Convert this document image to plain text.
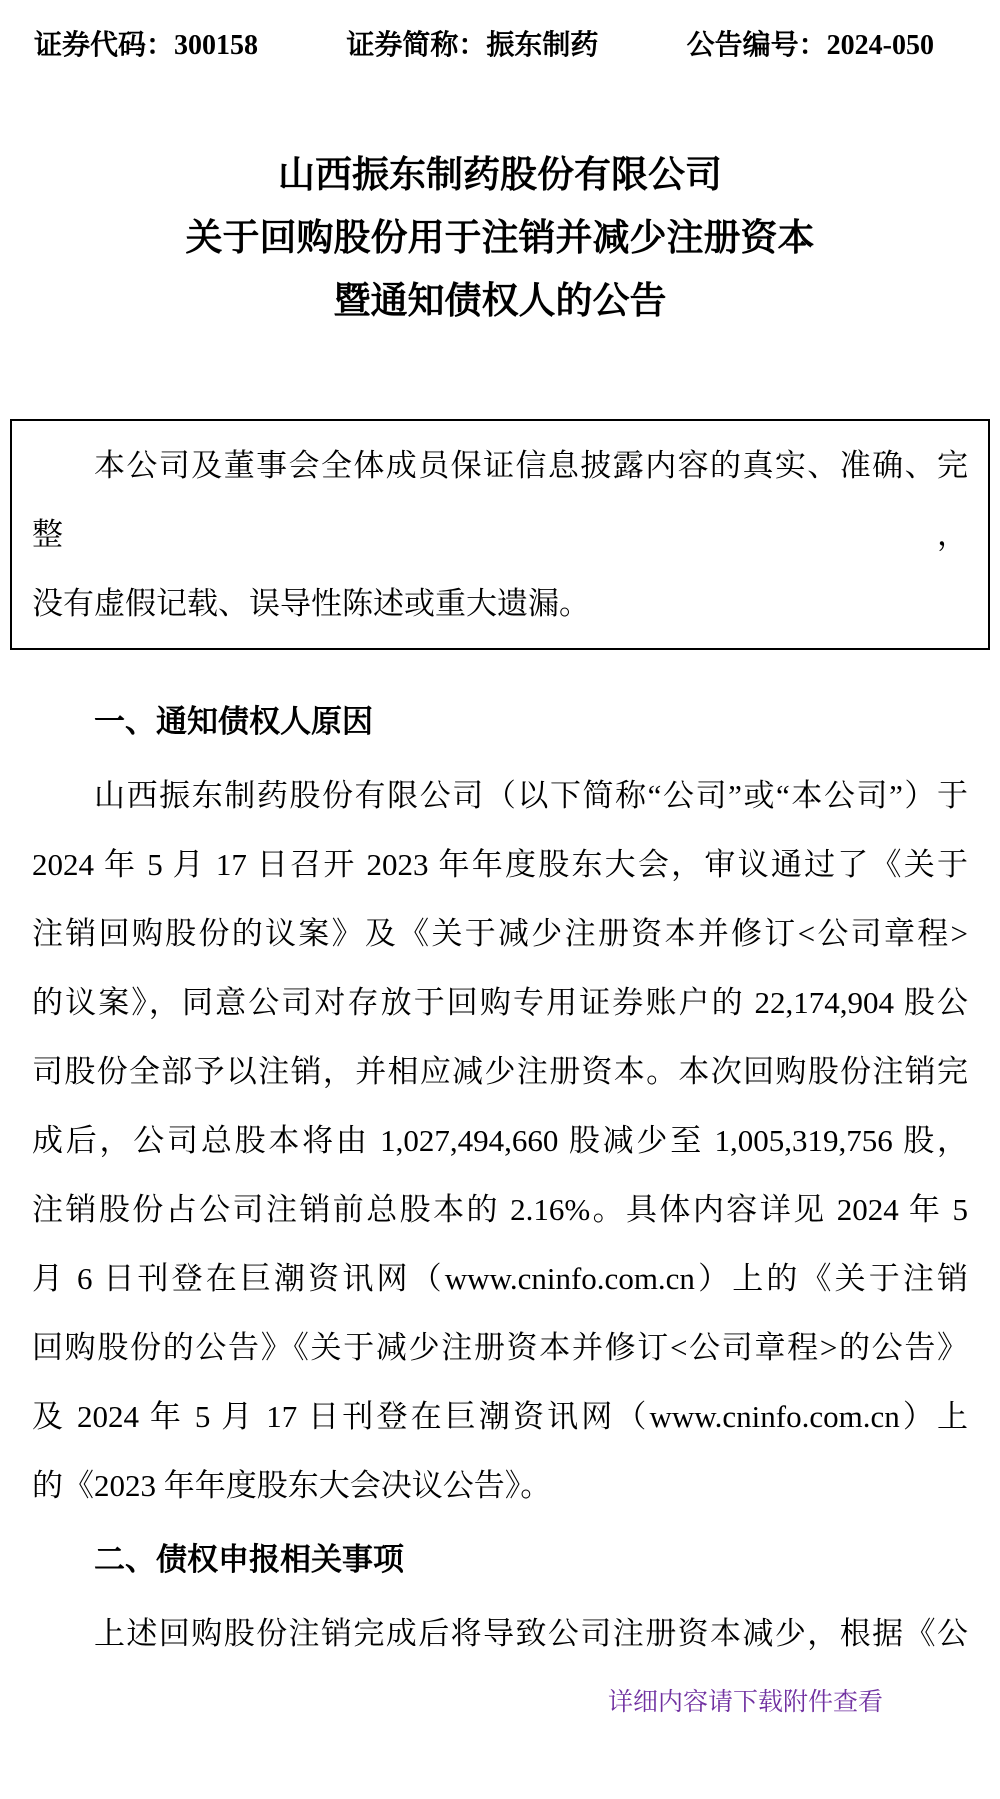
证券代码：300158	证券简称：振东制药	公告编号：2024-050
山西振东制药股份有限公司
关于回购股份用于注销并减少注册资本
暨通知债权人的公告
本公司及董事会全体成员保证信息披露内容的真实、准确、完整，
没有虚假记载、误导性陈述或重大遗漏。
一、通知债权人原因
山西振东制药股份有限公司（以下简称“公司”或“本公司”）于
2024 年 5 月 17 日召开 2023 年年度股东大会，审议通过了《关于
注销回购股份的议案》及《关于减少注册资本并修订<公司章程>
的议案》，同意公司对存放于回购专用证券账户的 22,174,904 股公
司股份全部予以注销，并相应减少注册资本。本次回购股份注销完
成后，公司总股本将由 1,027,494,660 股减少至 1,005,319,756 股，
注销股份占公司注销前总股本的 2.16%。具体内容详见 2024 年 5
月 6 日刊登在巨潮资讯网（www.cninfo.com.cn）上的《关于注销
回购股份的公告》《关于减少注册资本并修订<公司章程>的公告》
及 2024 年 5 月 17 日刊登在巨潮资讯网（www.cninfo.com.cn）上
的《2023 年年度股东大会决议公告》。
二、债权申报相关事项
上述回购股份注销完成后将导致公司注册资本减少，根据《公
详细内容请下载附件查看
